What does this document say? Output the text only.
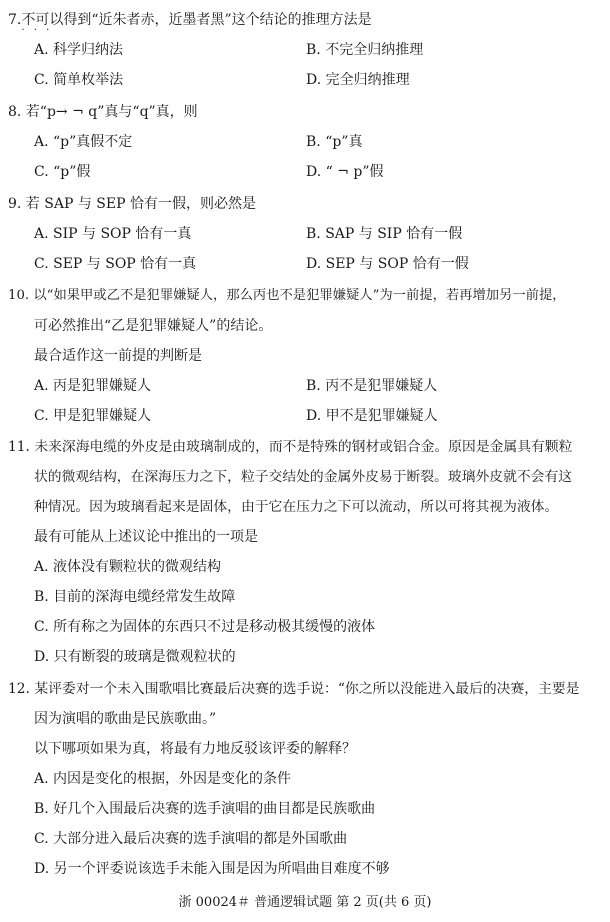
7.不可以
· · ·
得到“近朱者赤，近墨者黑”这个结论的推理方法是
A. 科学归纳法	B. 不完全归纳推理
C. 简单枚举法	D. 完全归纳推理
8. 若“p→ ¬ q”真与“q”真，则
A. “p”真假不定	B. “p”真
C. “p”假	D. “ ¬ p”假
9. 若 SAP 与 SEP 恰有一假，则必然是
A. SIP 与 SOP 恰有一真	B. SAP 与 SIP 恰有一假
C. SEP 与 SOP 恰有一真	D. SEP 与 SOP 恰有一假
10. 以“如果甲或乙不是犯罪嫌疑人，那么丙也不是犯罪嫌疑人”为一前提，若再增加另一前提，
可必然推出“乙是犯罪嫌疑人”的结论。
最合适作这一前提的判断是
A. 丙是犯罪嫌疑人	B. 丙不是犯罪嫌疑人
C. 甲是犯罪嫌疑人	D. 甲不是犯罪嫌疑人
11. 未来深海电缆的外皮是由玻璃制成的，而不是特殊的钢材或铝合金。原因是金属具有颗粒
状的微观结构，在深海压力之下，粒子交结处的金属外皮易于断裂。玻璃外皮就不会有这
种情况。因为玻璃看起来是固体，由于它在压力之下可以流动，所以可将其视为液体。
最有可能从上述议论中推出的一项是
A. 液体没有颗粒状的微观结构
B. 目前的深海电缆经常发生故障
C. 所有称之为固体的东西只不过是移动极其缓慢的液体
D. 只有断裂的玻璃是微观粒状的
12. 某评委对一个未入围歌唱比赛最后决赛的选手说：“你之所以没能进入最后的决赛，主要是
因为演唱的歌曲是民族歌曲。”
以下哪项如果为真，将最有力地反驳该评委的解释？
A. 内因是变化的根据，外因是变化的条件
B. 好几个入围最后决赛的选手演唱的曲目都是民族歌曲
C. 大部分进入最后决赛的选手演唱的都是外国歌曲
D. 另一个评委说该选手未能入围是因为所唱曲目难度不够
浙 00024＃ 普通逻辑试题 第 2 页(共 6 页)
